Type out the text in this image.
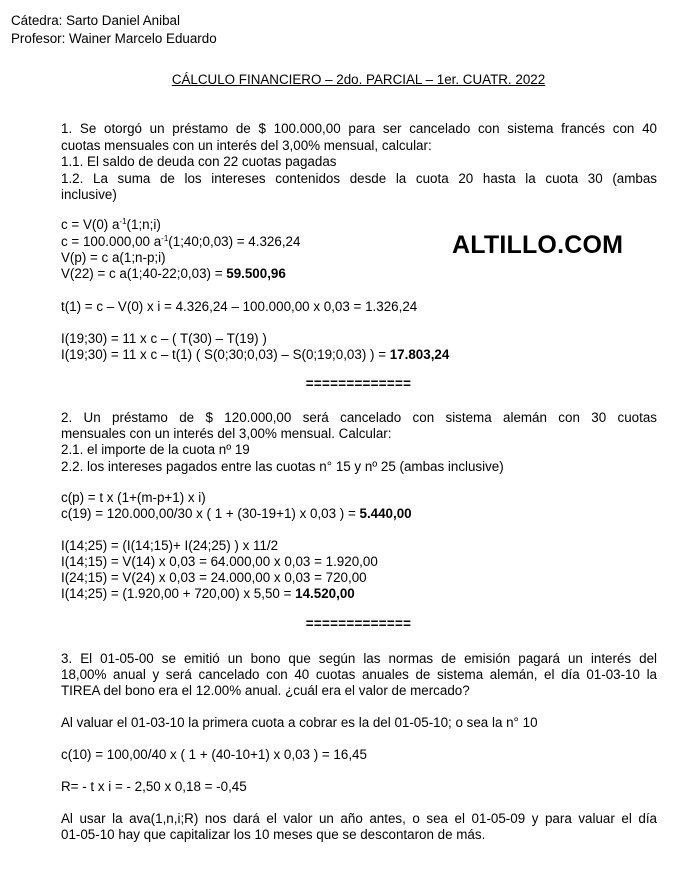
Cátedra: Sarto Daniel Anibal
Profesor: Wainer Marcelo Eduardo
CÁLCULO FINANCIERO – 2do. PARCIAL – 1er. CUATR. 2022
ALTILLO.COM
1. Se otorgó un préstamo de $ 100.000,00 para ser cancelado con sistema francés con 40
cuotas mensuales con un interés del 3,00% mensual, calcular:
1.1. El saldo de deuda con 22 cuotas pagadas
1.2. La suma de los intereses contenidos desde la cuota 20 hasta la cuota 30 (ambas
inclusive)
c = V(0) $a^{-1}(1;n;i)$
c = 100.000,00 $a^{-1}(1;40;0,03) = 4.326,24$
V(p) = c a(1;n-p;i)
V(22) = c a(1;40-22;0,03) = 59.500,96
t(1) = c – V(0) x i = 4.326,24 – 100.000,00 x 0,03 = 1.326,24
I(19;30) = 11 x c – ( T(30) – T(19) )
I(19;30) = 11 x c – t(1) ( S(0;30;0,03) – S(0;19;0,03) ) = 17.803,24
=============
2. Un préstamo de $ 120.000,00 será cancelado con sistema alemán con 30 cuotas
mensuales con un interés del 3,00% mensual. Calcular:
2.1. el importe de la cuota nº 19
2.2. los intereses pagados entre las cuotas n° 15 y nº 25 (ambas inclusive)
c(p) = t x (1+(m-p+1) x i)
c(19) = 120.000,00/30 x ( 1 + (30-19+1) x 0,03 ) = 5.440,00
I(14;25) = (I(14;15)+ I(24;25) ) x 11/2
I(14;15) = V(14) x 0,03 = 64.000,00 x 0,03 = 1.920,00
I(24;15) = V(24) x 0,03 = 24.000,00 x 0,03 = 720,00
I(14;25) = (1.920,00 + 720,00) x 5,50 = 14.520,00
=============
3. El 01-05-00 se emitió un bono que según las normas de emisión pagará un interés del
18,00% anual y será cancelado con 40 cuotas anuales de sistema alemán, el día 01-03-10 la
TIREA del bono era el 12.00% anual. ¿cuál era el valor de mercado?
Al valuar el 01-03-10 la primera cuota a cobrar es la del 01-05-10; o sea la n° 10
c(10) = 100,00/40 x ( 1 + (40-10+1) x 0,03 ) = 16,45
R= - t x i = - 2,50 x 0,18 = -0,45
Al usar la ava(1,n,i;R) nos dará el valor un año antes, o sea el 01-05-09 y para valuar el día
01-05-10 hay que capitalizar los 10 meses que se descontaron de más.
